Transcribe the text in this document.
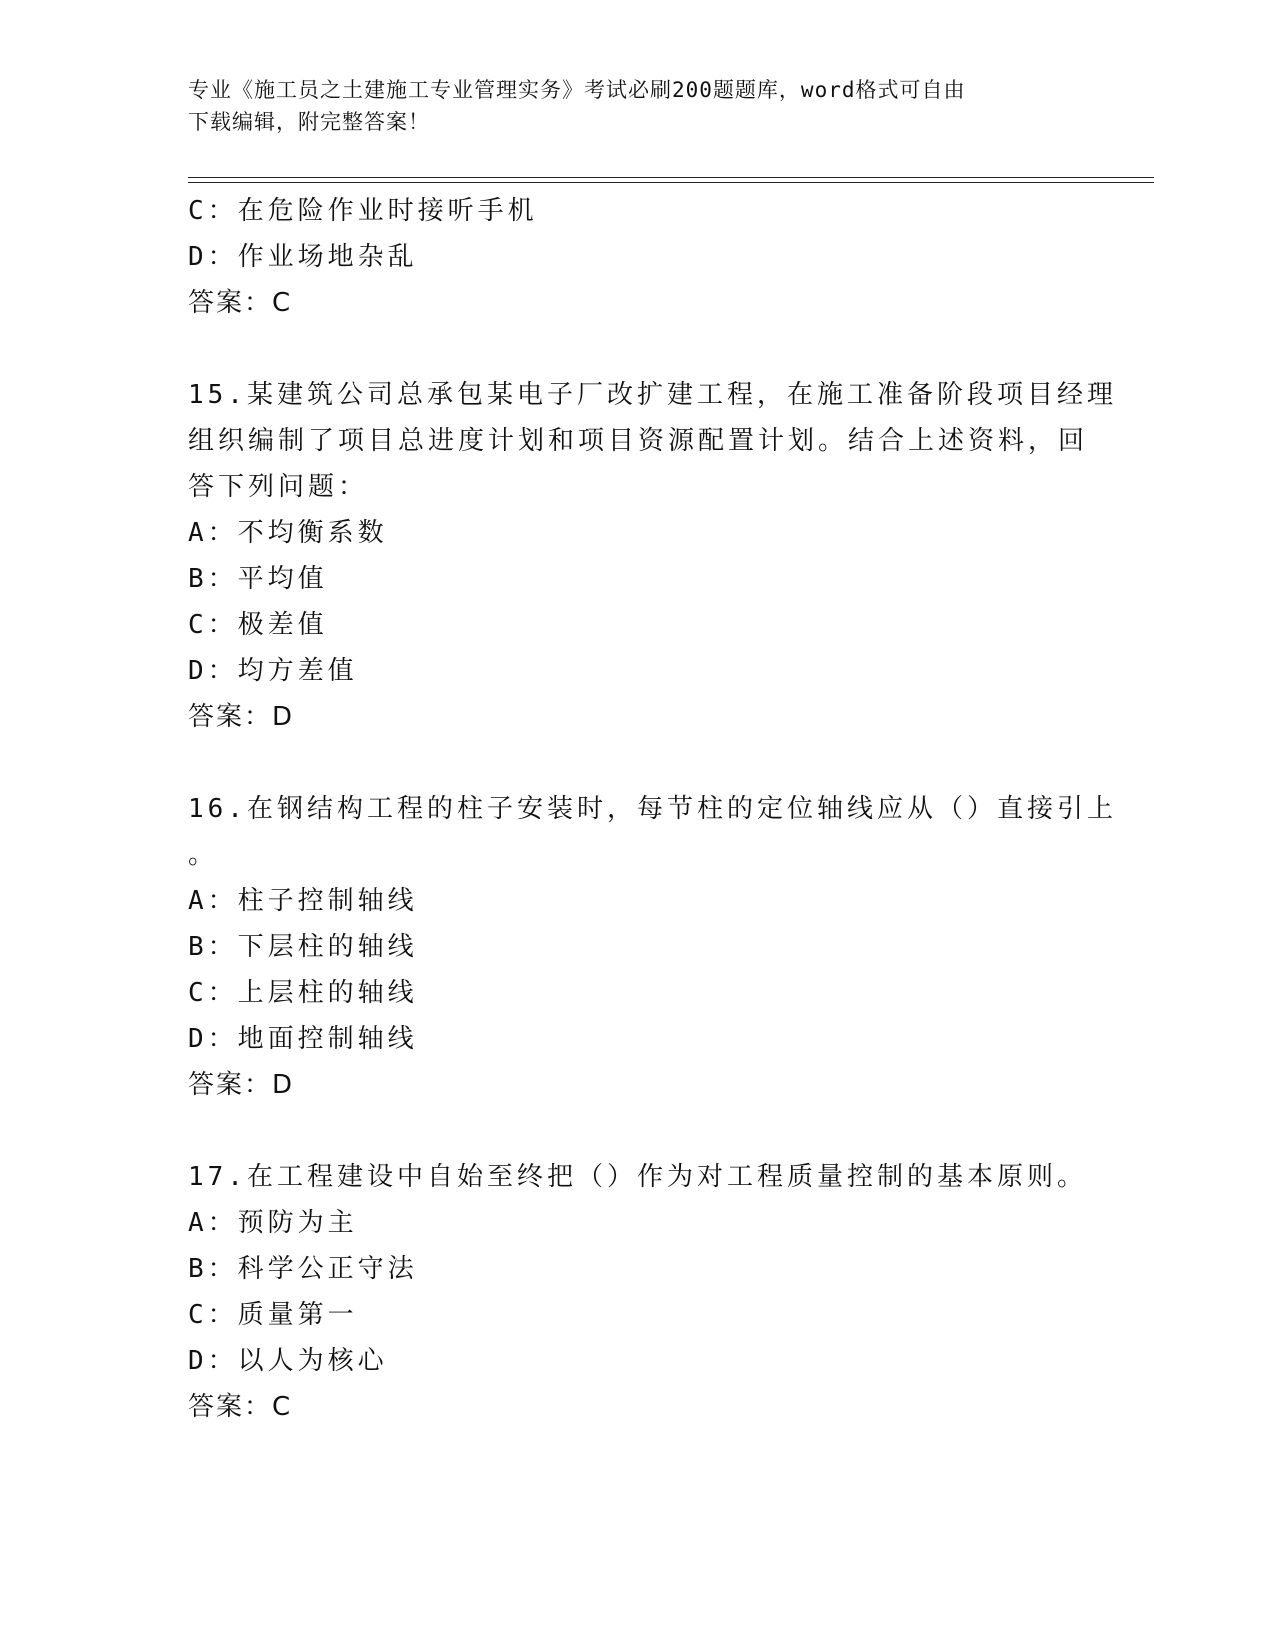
专业《施工员之土建施工专业管理实务》考试必刷200题题库，word格式可自由
下载编辑，附完整答案！
C：在危险作业时接听手机
D：作业场地杂乱
答案：C
15.某建筑公司总承包某电子厂改扩建工程，在施工准备阶段项目经理
组织编制了项目总进度计划和项目资源配置计划。结合上述资料，回
答下列问题：
A：不均衡系数
B：平均值
C：极差值
D：均方差值
答案：D
16.在钢结构工程的柱子安装时，每节柱的定位轴线应从（）直接引上
。
A：柱子控制轴线
B：下层柱的轴线
C：上层柱的轴线
D：地面控制轴线
答案：D
17.在工程建设中自始至终把（）作为对工程质量控制的基本原则。
A：预防为主
B：科学公正守法
C：质量第一
D：以人为核心
答案：C
